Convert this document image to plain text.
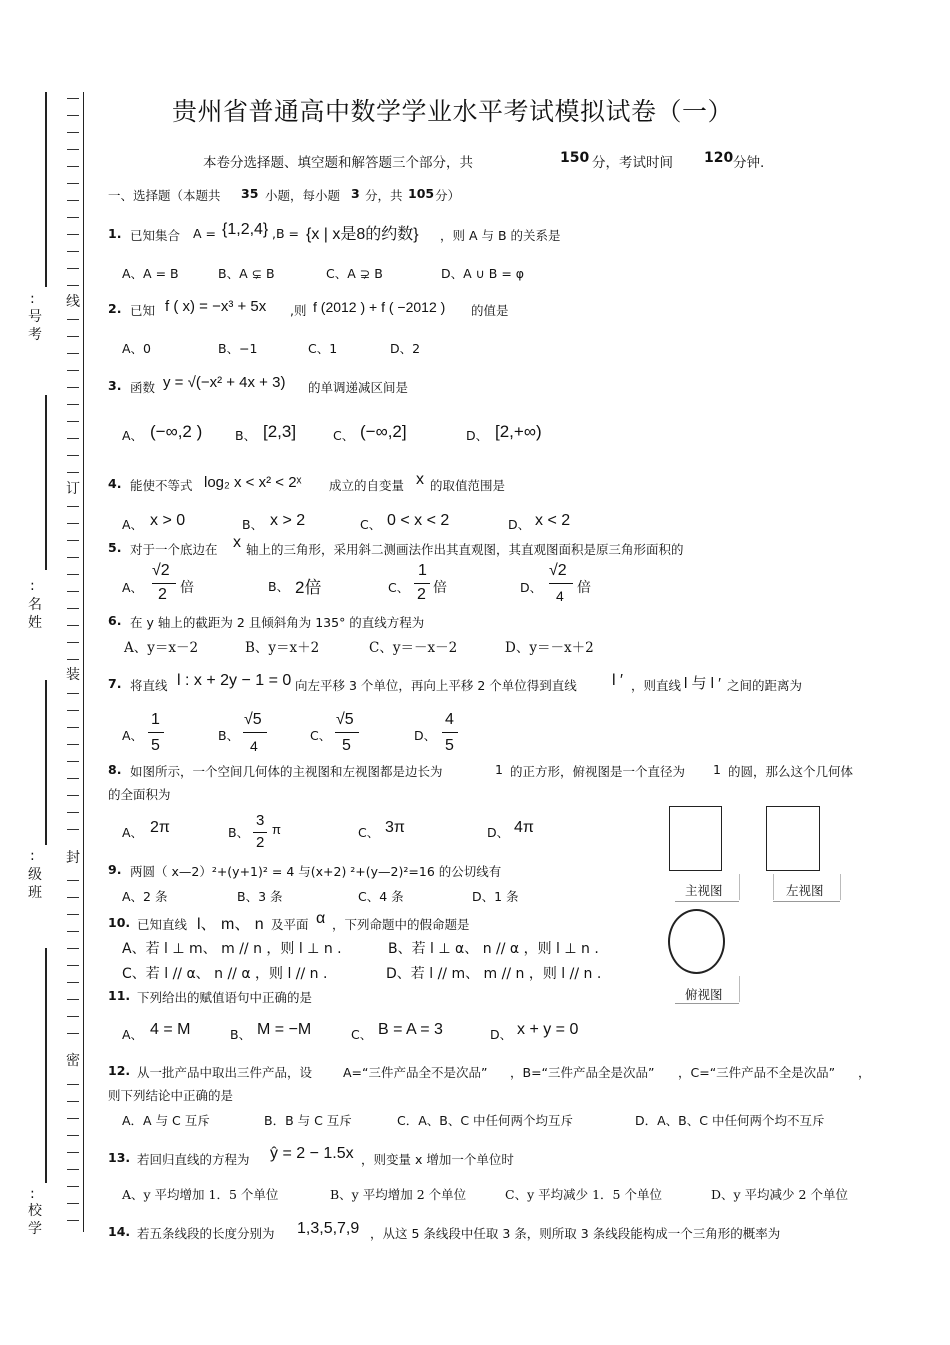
线
订
装
封
密
:
号
考
:
名
姓
:
级
班
:
校
学
贵州省普通高中数学学业水平考试模拟试卷（一）
本卷分选择题、填空题和解答题三个部分，共	150 分，考试时间 120 分钟.
一、选择题（本题共 35 小题，每小题 3 分，共 105 分）
1. 已知集合 A = {1,2,4} ,B = {x | x是8的约数} ，则 A 与 B 的关系是
A、A = B	B、A ⊊ B	C、A ⊋ B	D、A ∪ B = φ
2. 已知 f ( x) = −x³ + 5x ,则 f (2012 ) + f ( −2012 ) 的值是
A、0	B、−1	C、1	D、2
3. 函数 y = √(−x² + 4x + 3) 的单调递减区间是
A、 (−∞,2 )	B、 [2,3]	C、 (−∞,2]	D、 [2,+∞)
4. 能使不等式 log₂ x < x² < 2ˣ 成立的自变量 x 的取值范围是
A、 x > 0	B、 x > 2	C、 0 < x < 2	D、 x < 2
5. 对于一个底边在 x 轴上的三角形，采用斜二测画法作出其直观图，其直观图面积是原三角形面积的
A、
√2
2 倍	B、 2倍	C、
1
2 倍	D、
√2
4 倍
6. 在 y 轴上的截距为 2 且倾斜角为 135° 的直线方程为
A、y＝x－2	B、y＝x＋2	C、y＝－x－2	D、y＝－x＋2
7. 将直线 l : x + 2y − 1 = 0 向左平移 3 个单位，再向上平移 2 个单位得到直线 l ′ ，则直线 l 与 l ′ 之间的距离为
A、
1
5
B、
√5
4
C、
√5
5
D、
4
5
8. 如图所示，一个空间几何体的主视图和左视图都是边长为	1 的正方形，俯视图是一个直径为 1 的圆，那么这个几何体
的全面积为
A、 2π	B、
3
2
π	C、 3π	D、 4π
主视图	左视图
俯视图
9. 两圆（ x—2）²+(y+1)² = 4 与(x+2) ²+(y—2)²=16 的公切线有
A、2 条	B、3 条	C、4 条	D、1 条
10. 已知直线 l、 m、 n 及平面 α ，下列命题中的假命题是
A、若 l ⊥ m、 m // n ，则 l ⊥ n .	B、若 l ⊥ α、 n // α ，则 l ⊥ n .
C、若 l // α、 n // α ，则 l // n .	D、若 l // m、 m // n ，则 l // n .
11. 下列给出的赋值语句中正确的是
A、 4 = M	B、 M = −M	C、 B = A = 3	D、 x + y = 0
12. 从一批产品中取出三件产品，设 A=“三件产品全不是次品” ，B=“三件产品全是次品” ，C=“三件产品不全是次品” ，
则下列结论中正确的是
A．A 与 C 互斥	B．B 与 C 互斥	C．A、B、C 中任何两个均互斥	D．A、B、C 中任何两个均不互斥
13. 若回归直线的方程为 ŷ = 2 − 1.5x ，则变量 x 增加一个单位时
A、y 平均增加 1．5 个单位	B、y 平均增加 2 个单位	C、y 平均减少 1．5 个单位	D、y 平均减少 2 个单位
14. 若五条线段的长度分别为 1,3,5,7,9 ，从这 5 条线段中任取 3 条，则所取 3 条线段能构成一个三角形的概率为
